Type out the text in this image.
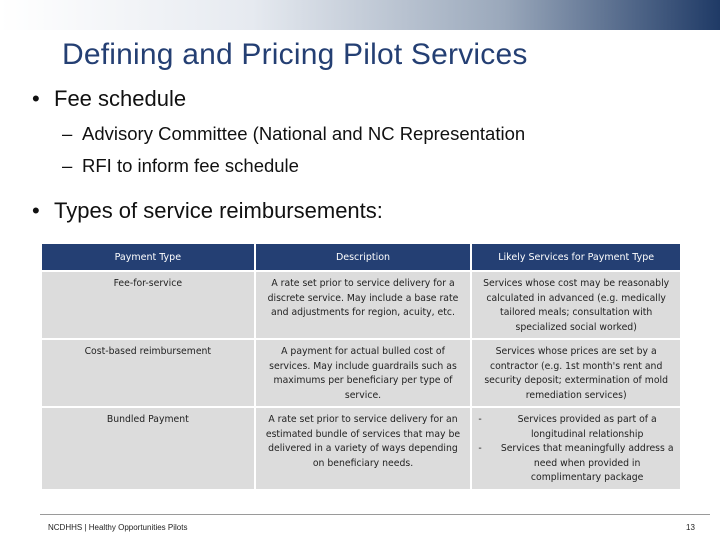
Defining and Pricing Pilot Services
• Fee schedule
– Advisory Committee (National and NC Representation
– RFI to inform fee schedule
• Types of service reimbursements:
Payment Type	Description	Likely Services for Payment Type
Fee-for-service	A rate set prior to service delivery for a discrete service. May include a base rate and adjustments for region, acuity, etc.	Services whose cost may be reasonably calculated in advanced (e.g. medically tailored meals; consultation with specialized social worked)
Cost-based reimbursement	A payment for actual bulled cost of services. May include guardrails such as maximums per beneficiary per type of service.	Services whose prices are set by a contractor (e.g. 1st month's rent and security deposit; extermination of mold remediation services)
Bundled Payment	A rate set prior to service delivery for an estimated bundle of services that may be delivered in a variety of ways depending on beneficiary needs.	- Services provided as part of a longitudinal relationship
- Services that meaningfully address a need when provided in complimentary package
NCDHHS | Healthy Opportunities Pilots	13
